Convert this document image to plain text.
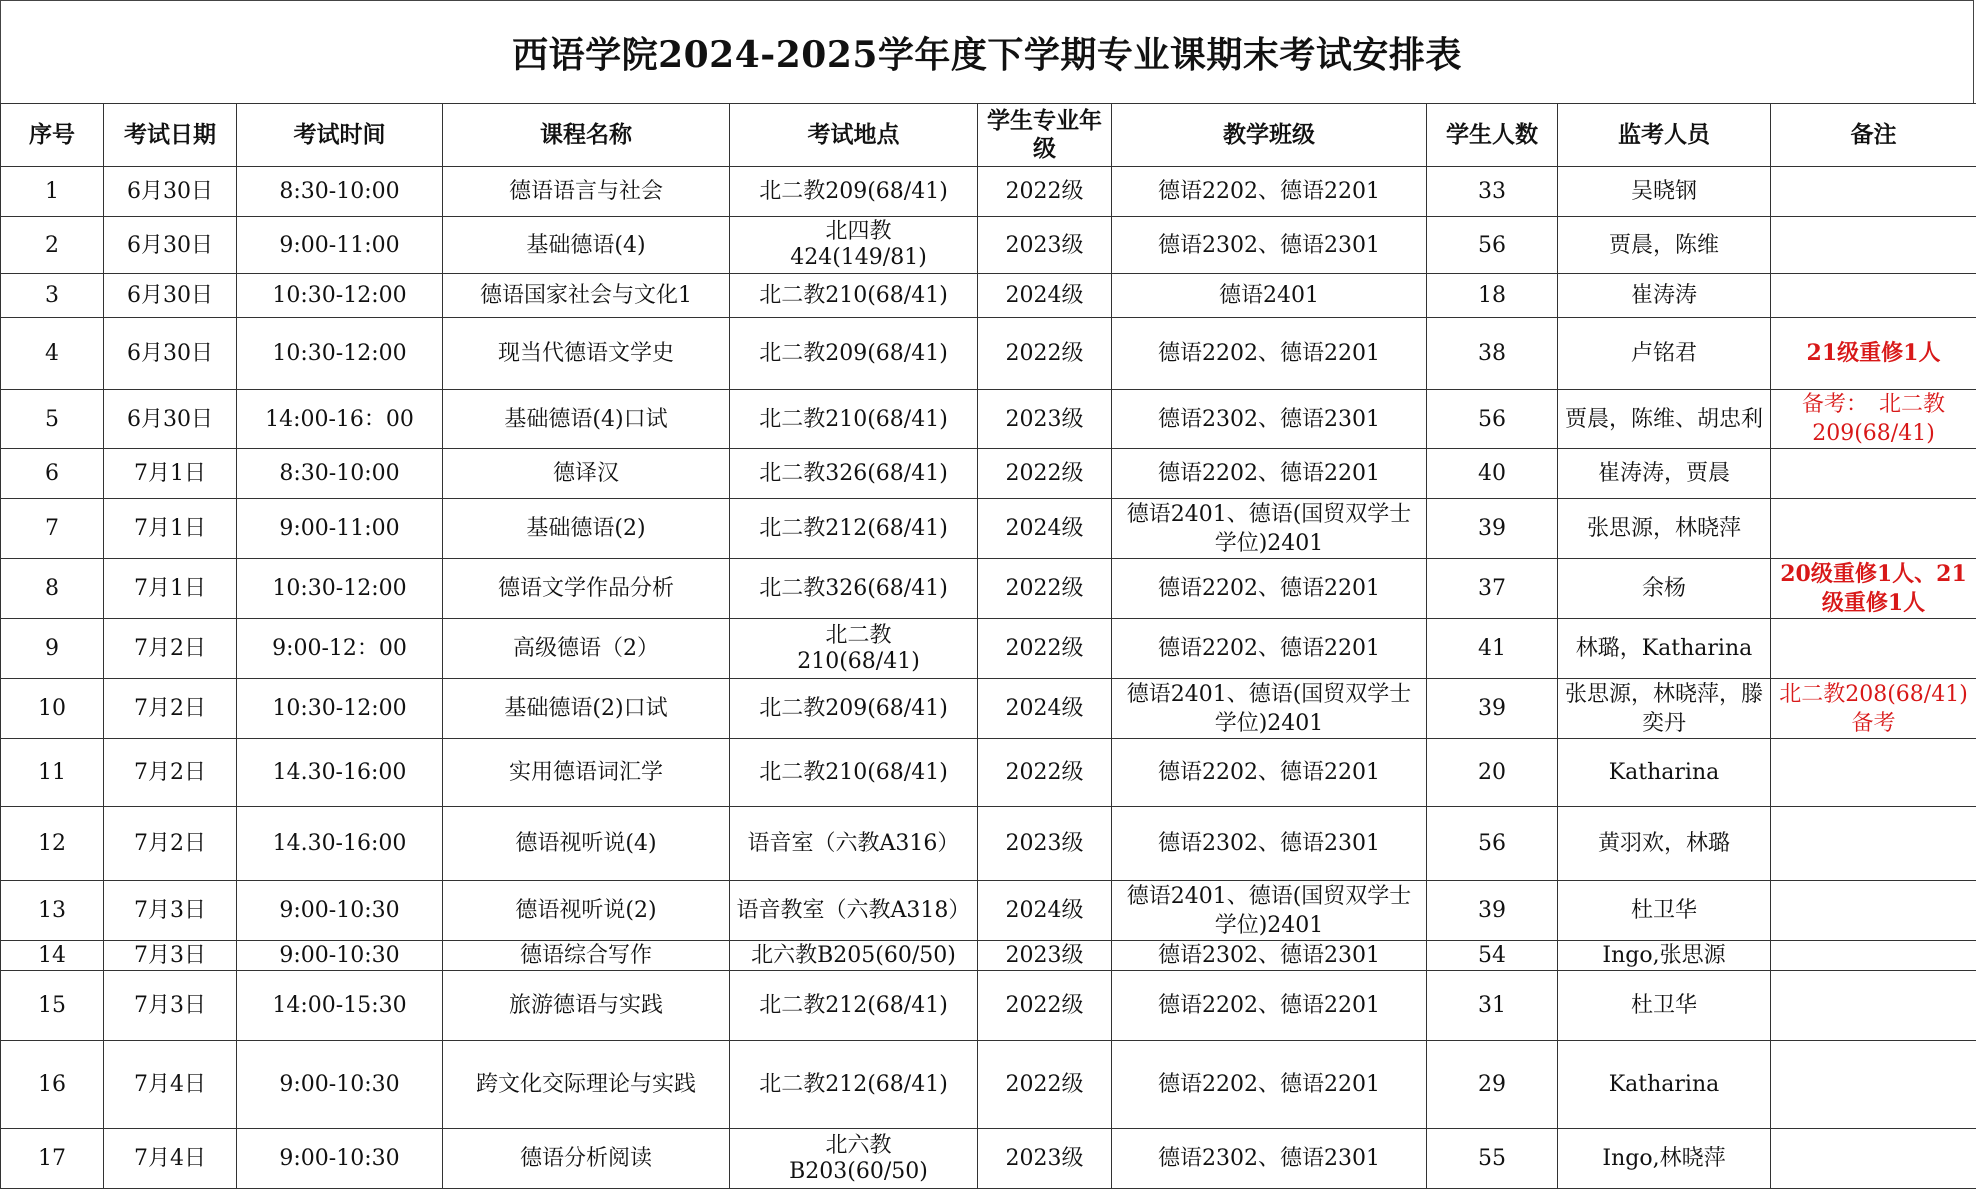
西语学院2024-2025学年度下学期专业课期末考试安排表
序号	考试日期	考试时间	课程名称	考试地点	学生专业年级	教学班级	学生人数	监考人员	备注
1	6月30日	8:30-10:00	德语语言与社会	北二教209(68/41)	2022级	德语2202、德语2201	33	吴晓钢	
2	6月30日	9:00-11:00	基础德语(4)	北四教424(149/81)	2023级	德语2302、德语2301	56	贾晨，陈维	
3	6月30日	10:30-12:00	德语国家社会与文化1	北二教210(68/41)	2024级	德语2401	18	崔涛涛	
4	6月30日	10:30-12:00	现当代德语文学史	北二教209(68/41)	2022级	德语2202、德语2201	38	卢铭君	21级重修1人
5	6月30日	14:00-16：00	基础德语(4)口试	北二教210(68/41)	2023级	德语2302、德语2301	56	贾晨，陈维、胡忠利	备考：　北二教209(68/41)
6	7月1日	8:30-10:00	德译汉	北二教326(68/41)	2022级	德语2202、德语2201	40	崔涛涛，贾晨	
7	7月1日	9:00-11:00	基础德语(2)	北二教212(68/41)	2024级	德语2401、德语(国贸双学士学位)2401	39	张思源，林晓萍	
8	7月1日	10:30-12:00	德语文学作品分析	北二教326(68/41)	2022级	德语2202、德语2201	37	余杨	20级重修1人、21级重修1人
9	7月2日	9:00-12：00	高级德语（2）	北二教210(68/41)	2022级	德语2202、德语2201	41	林璐，Katharina	
10	7月2日	10:30-12:00	基础德语(2)口试	北二教209(68/41)	2024级	德语2401、德语(国贸双学士学位)2401	39	张思源，林晓萍，滕奕丹	北二教208(68/41)备考
11	7月2日	14.30-16:00	实用德语词汇学	北二教210(68/41)	2022级	德语2202、德语2201	20	Katharina	
12	7月2日	14.30-16:00	德语视听说(4)	语音室（六教A316）	2023级	德语2302、德语2301	56	黄羽欢，林璐	
13	7月3日	9:00-10:30	德语视听说(2)	语音教室（六教A318）	2024级	德语2401、德语(国贸双学士学位)2401	39	杜卫华	
14	7月3日	9:00-10:30	德语综合写作	北六教B205(60/50)	2023级	德语2302、德语2301	54	Ingo,张思源	
15	7月3日	14:00-15:30	旅游德语与实践	北二教212(68/41)	2022级	德语2202、德语2201	31	杜卫华	
16	7月4日	9:00-10:30	跨文化交际理论与实践	北二教212(68/41)	2022级	德语2202、德语2201	29	Katharina	
17	7月4日	9:00-10:30	德语分析阅读	北六教B203(60/50)	2023级	德语2302、德语2301	55	Ingo,林晓萍	
